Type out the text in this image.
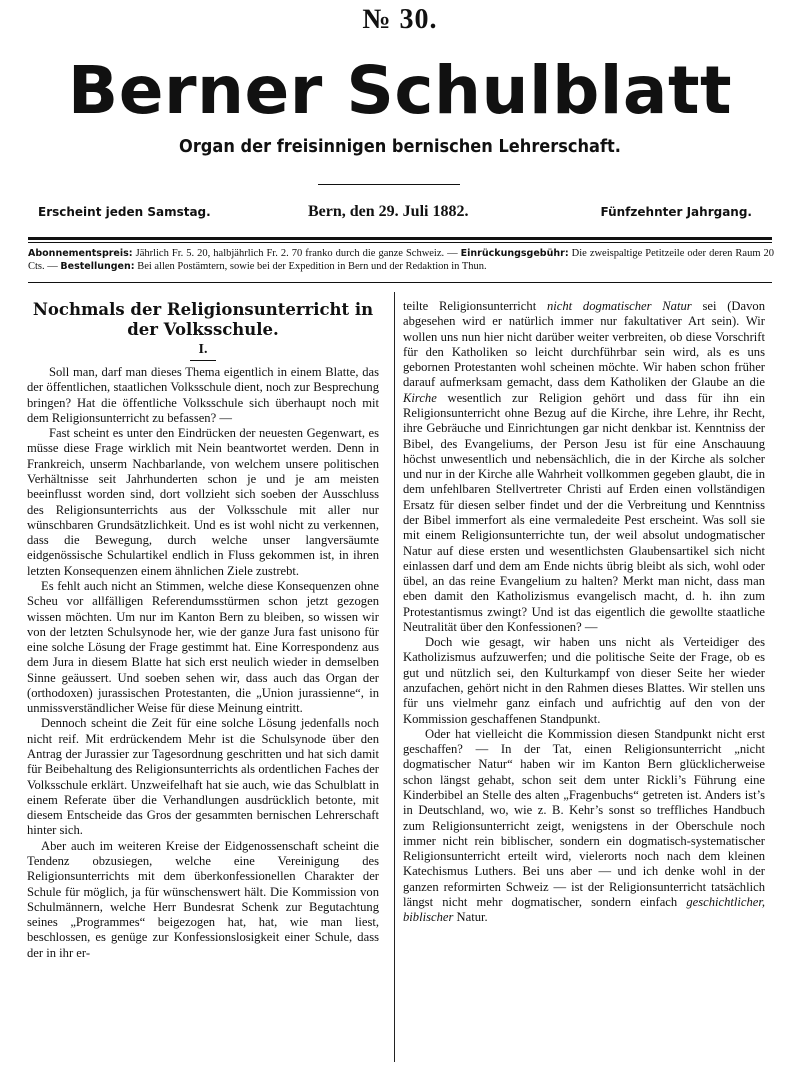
№ 30.
Berner Schulblatt
Organ der freisinnigen bernischen Lehrerschaft.
Erscheint jeden Samstag.	Bern, den 29. Juli 1882.	Fünfzehnter Jahrgang.
Abonnementspreis: Jährlich Fr. 5. 20, halbjährlich Fr. 2. 70 franko durch die ganze Schweiz. — Einrückungsgebühr: Die zweispaltige Petitzeile oder deren Raum 20 Cts. — Bestellungen: Bei allen Postämtern, sowie bei der Expedition in Bern und der Redaktion in Thun.
Nochmals der Religionsunterricht in der Volksschule.
I.

Soll man, darf man dieses Thema eigentlich in einem Blatte, das der öffentlichen, staatlichen Volksschule dient, noch zur Besprechung bringen? Hat die öffentliche Volksschule sich überhaupt noch mit dem Religionsunterricht zu befassen? —

Fast scheint es unter den Eindrücken der neuesten Gegenwart, es müsse diese Frage wirklich mit Nein beantwortet werden. Denn in Frankreich, unserm Nachbarlande, von welchem unsere politischen Verhältnisse seit Jahrhunderten schon je und je am meisten beeinflusst worden sind, dort vollzieht sich soeben der Ausschluss des Religionsunterrichts aus der Volksschule mit aller nur wünschbaren Grundsätzlichkeit. Und es ist wohl nicht zu verkennen, dass die Bewegung, durch welche unser langversäumte eidgenössische Schulartikel endlich in Fluss gekommen ist, in ihren letzten Konsequenzen einem ähnlichen Ziele zustrebt.

Es fehlt auch nicht an Stimmen, welche diese Konsequenzen ohne Scheu vor allfälligen Referendumsstürmen schon jetzt gezogen wissen möchten. Um nur im Kanton Bern zu bleiben, so wissen wir von der letzten Schulsynode her, wie der ganze Jura fast unisono für eine solche Lösung der Frage gestimmt hat. Eine Korrespondenz aus dem Jura in diesem Blatte hat sich erst neulich wieder in demselben Sinne geäussert. Und soeben sehen wir, dass auch das Organ der (orthodoxen) jurassischen Protestanten, die „Union jurassienne“, in unmissverständlicher Weise für diese Meinung eintritt.

Dennoch scheint die Zeit für eine solche Lösung jedenfalls noch nicht reif. Mit erdrückendem Mehr ist die Schulsynode über den Antrag der Jurassier zur Tagesordnung geschritten und hat sich damit für Beibehaltung des Religionsunterrichts als ordentlichen Faches der Volksschule erklärt. Unzweifelhaft hat sie auch, wie das Schulblatt in einem Referate über die Verhandlungen ausdrücklich betonte, mit diesem Entscheide das Gros der gesammten bernischen Lehrerschaft hinter sich.

Aber auch im weiteren Kreise der Eidgenossenschaft scheint die Tendenz obzusiegen, welche eine Vereinigung des Religionsunterrichts mit dem überkonfessionellen Charakter der Schule für möglich, ja für wünschenswert hält. Die Kommission von Schulmännern, welche Herr Bundesrat Schenk zur Begutachtung seines „Programmes“ beigezogen hat, hat, wie man liest, beschlossen, es genüge zur Konfessionslosigkeit einer Schule, dass der in ihr er-

teilte Religionsunterricht nicht dogmatischer Natur sei (Davon abgesehen wird er natürlich immer nur fakultativer Art sein). Wir wollen uns nun hier nicht darüber weiter verbreiten, ob diese Vorschrift für den Katholiken so leicht durchführbar sein wird, als es uns gebornen Protestanten wohl scheinen möchte. Wir haben schon früher darauf aufmerksam gemacht, dass dem Katholiken der Glaube an die Kirche wesentlich zur Religion gehört und dass für ihn ein Religionsunterricht ohne Bezug auf die Kirche, ihre Lehre, ihr Recht, ihre Gebräuche und Einrichtungen gar nicht denkbar ist. Kenntniss der Bibel, des Evangeliums, der Person Jesu ist für eine Anschauung höchst unwesentlich und nebensächlich, die in der Kirche als solcher und nur in der Kirche alle Wahrheit vollkommen gegeben glaubt, die in dem unfehlbaren Stellvertreter Christi auf Erden einen vollständigen Ersatz für diesen selber findet und der die Verbreitung und Kenntniss der Bibel immerfort als eine vermaledeite Pest erscheint. Was soll sie mit einem Religionsunterrichte tun, der weil absolut undogmatischer Natur auf diese ersten und wesentlichsten Glaubensartikel sich nicht einlassen darf und dem am Ende nichts übrig bleibt als sich, wohl oder übel, an das reine Evangelium zu halten? Merkt man nicht, dass man eben damit den Katholizismus evangelisch macht, d. h. ihn zum Protestantismus zwingt? Und ist das eigentlich die gewollte staatliche Neutralität über den Konfessionen? —

Doch wie gesagt, wir haben uns nicht als Verteidiger des Katholizismus aufzuwerfen; und die politische Seite der Frage, ob es gut und nützlich sei, den Kulturkampf von dieser Seite her wieder anzufachen, gehört nicht in den Rahmen dieses Blattes. Wir stellen uns für uns vielmehr ganz einfach und aufrichtig auf den von der Kommission geschaffenen Standpunkt.

Oder hat vielleicht die Kommission diesen Standpunkt nicht erst geschaffen? — In der Tat, einen Religionsunterricht „nicht dogmatischer Natur“ haben wir im Kanton Bern glücklicherweise schon längst gehabt, schon seit dem unter Rickli’s Führung eine Kinderbibel an Stelle des alten „Fragenbuchs“ getreten ist. Anders ist’s in Deutschland, wo, wie z. B. Kehr’s sonst so treffliches Handbuch zum Religionsunterricht zeigt, wenigstens in der Oberschule noch immer nicht rein biblischer, sondern ein dogmatisch-systematischer Religionsunterricht erteilt wird, vielerorts noch nach dem kleinen Katechismus Luthers. Bei uns aber — und ich denke wohl in der ganzen reformirten Schweiz — ist der Religionsunterricht tatsächlich längst nicht mehr dogmatischer, sondern einfach geschichtlicher, biblischer Natur.
